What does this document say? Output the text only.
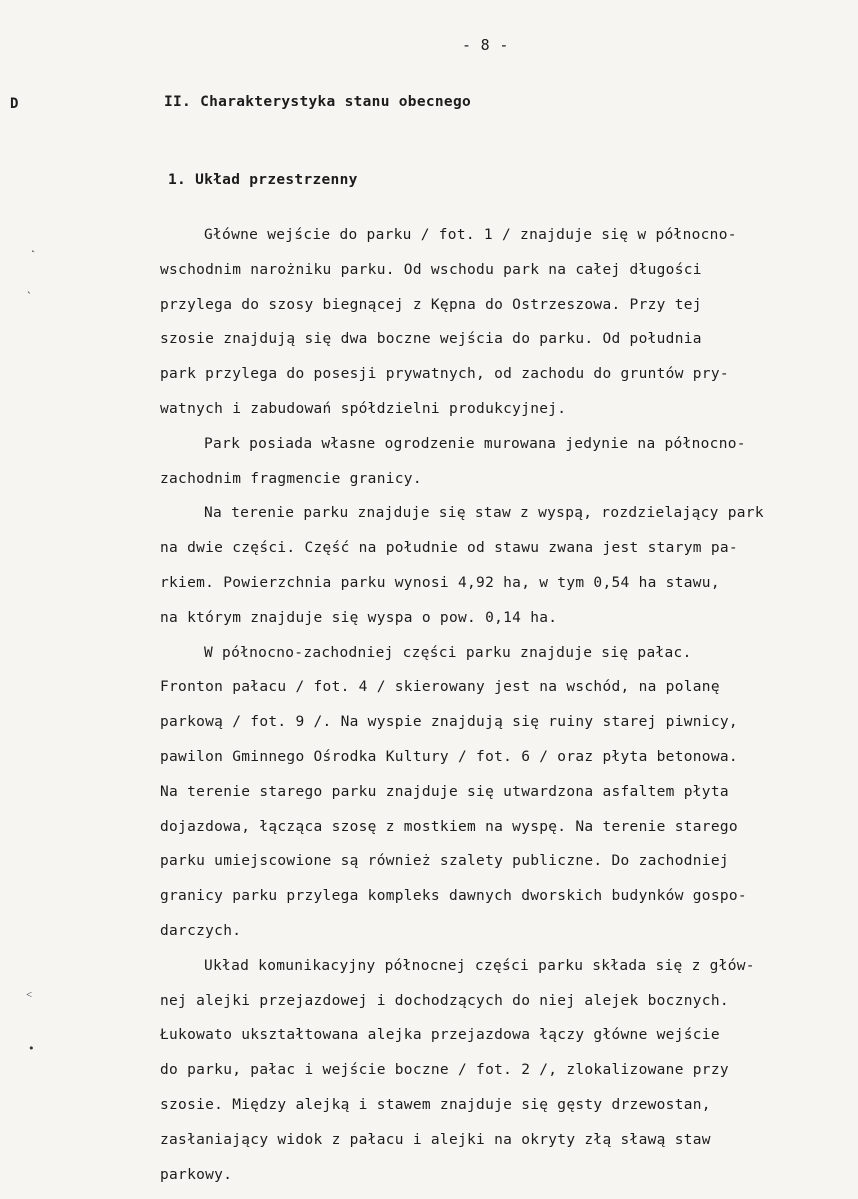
- 8 -
D	II. Charakterystyka stanu obecnego
1. Układ przestrzenny
Główne wejście do parku / fot. 1 / znajduje się w północno-
wschodnim narożniku parku. Od wschodu park na całej długości
przylega do szosy biegnącej z Kępna do Ostrzeszowa. Przy tej
szosie znajdują się dwa boczne wejścia do parku. Od południa
park przylega do posesji prywatnych, od zachodu do gruntów pry-
watnych i zabudowań spółdzielni produkcyjnej.
Park posiada własne ogrodzenie murowana jedynie na północno-
zachodnim fragmencie granicy.
Na terenie parku znajduje się staw z wyspą, rozdzielający park
na dwie części. Część na południe od stawu zwana jest starym pa-
rkiem. Powierzchnia parku wynosi 4,92 ha, w tym 0,54 ha stawu,
na którym znajduje się wyspa o pow. 0,14 ha.
W północno-zachodniej części parku znajduje się pałac.
Fronton pałacu / fot. 4 / skierowany jest na wschód, na polanę
parkową / fot. 9 /. Na wyspie znajdują się ruiny starej piwnicy,
pawilon Gminnego Ośrodka Kultury / fot. 6 / oraz płyta betonowa.
Na terenie starego parku znajduje się utwardzona asfaltem płyta
dojazdowa, łącząca szosę z mostkiem na wyspę. Na terenie starego
parku umiejscowione są również szalety publiczne. Do zachodniej
granicy parku przylega kompleks dawnych dworskich budynków gospo-
darczych.
Układ komunikacyjny północnej części parku składa się z głów-
nej alejki przejazdowej i dochodzących do niej alejek bocznych.
Łukowato ukształtowana alejka przejazdowa łączy główne wejście
do parku, pałac i wejście boczne / fot. 2 /, zlokalizowane przy
szosie. Między alejką i stawem znajduje się gęsty drzewostan,
zasłaniający widok z pałacu i alejki na okryty złą sławą staw
parkowy.
˛
`
˂
•
